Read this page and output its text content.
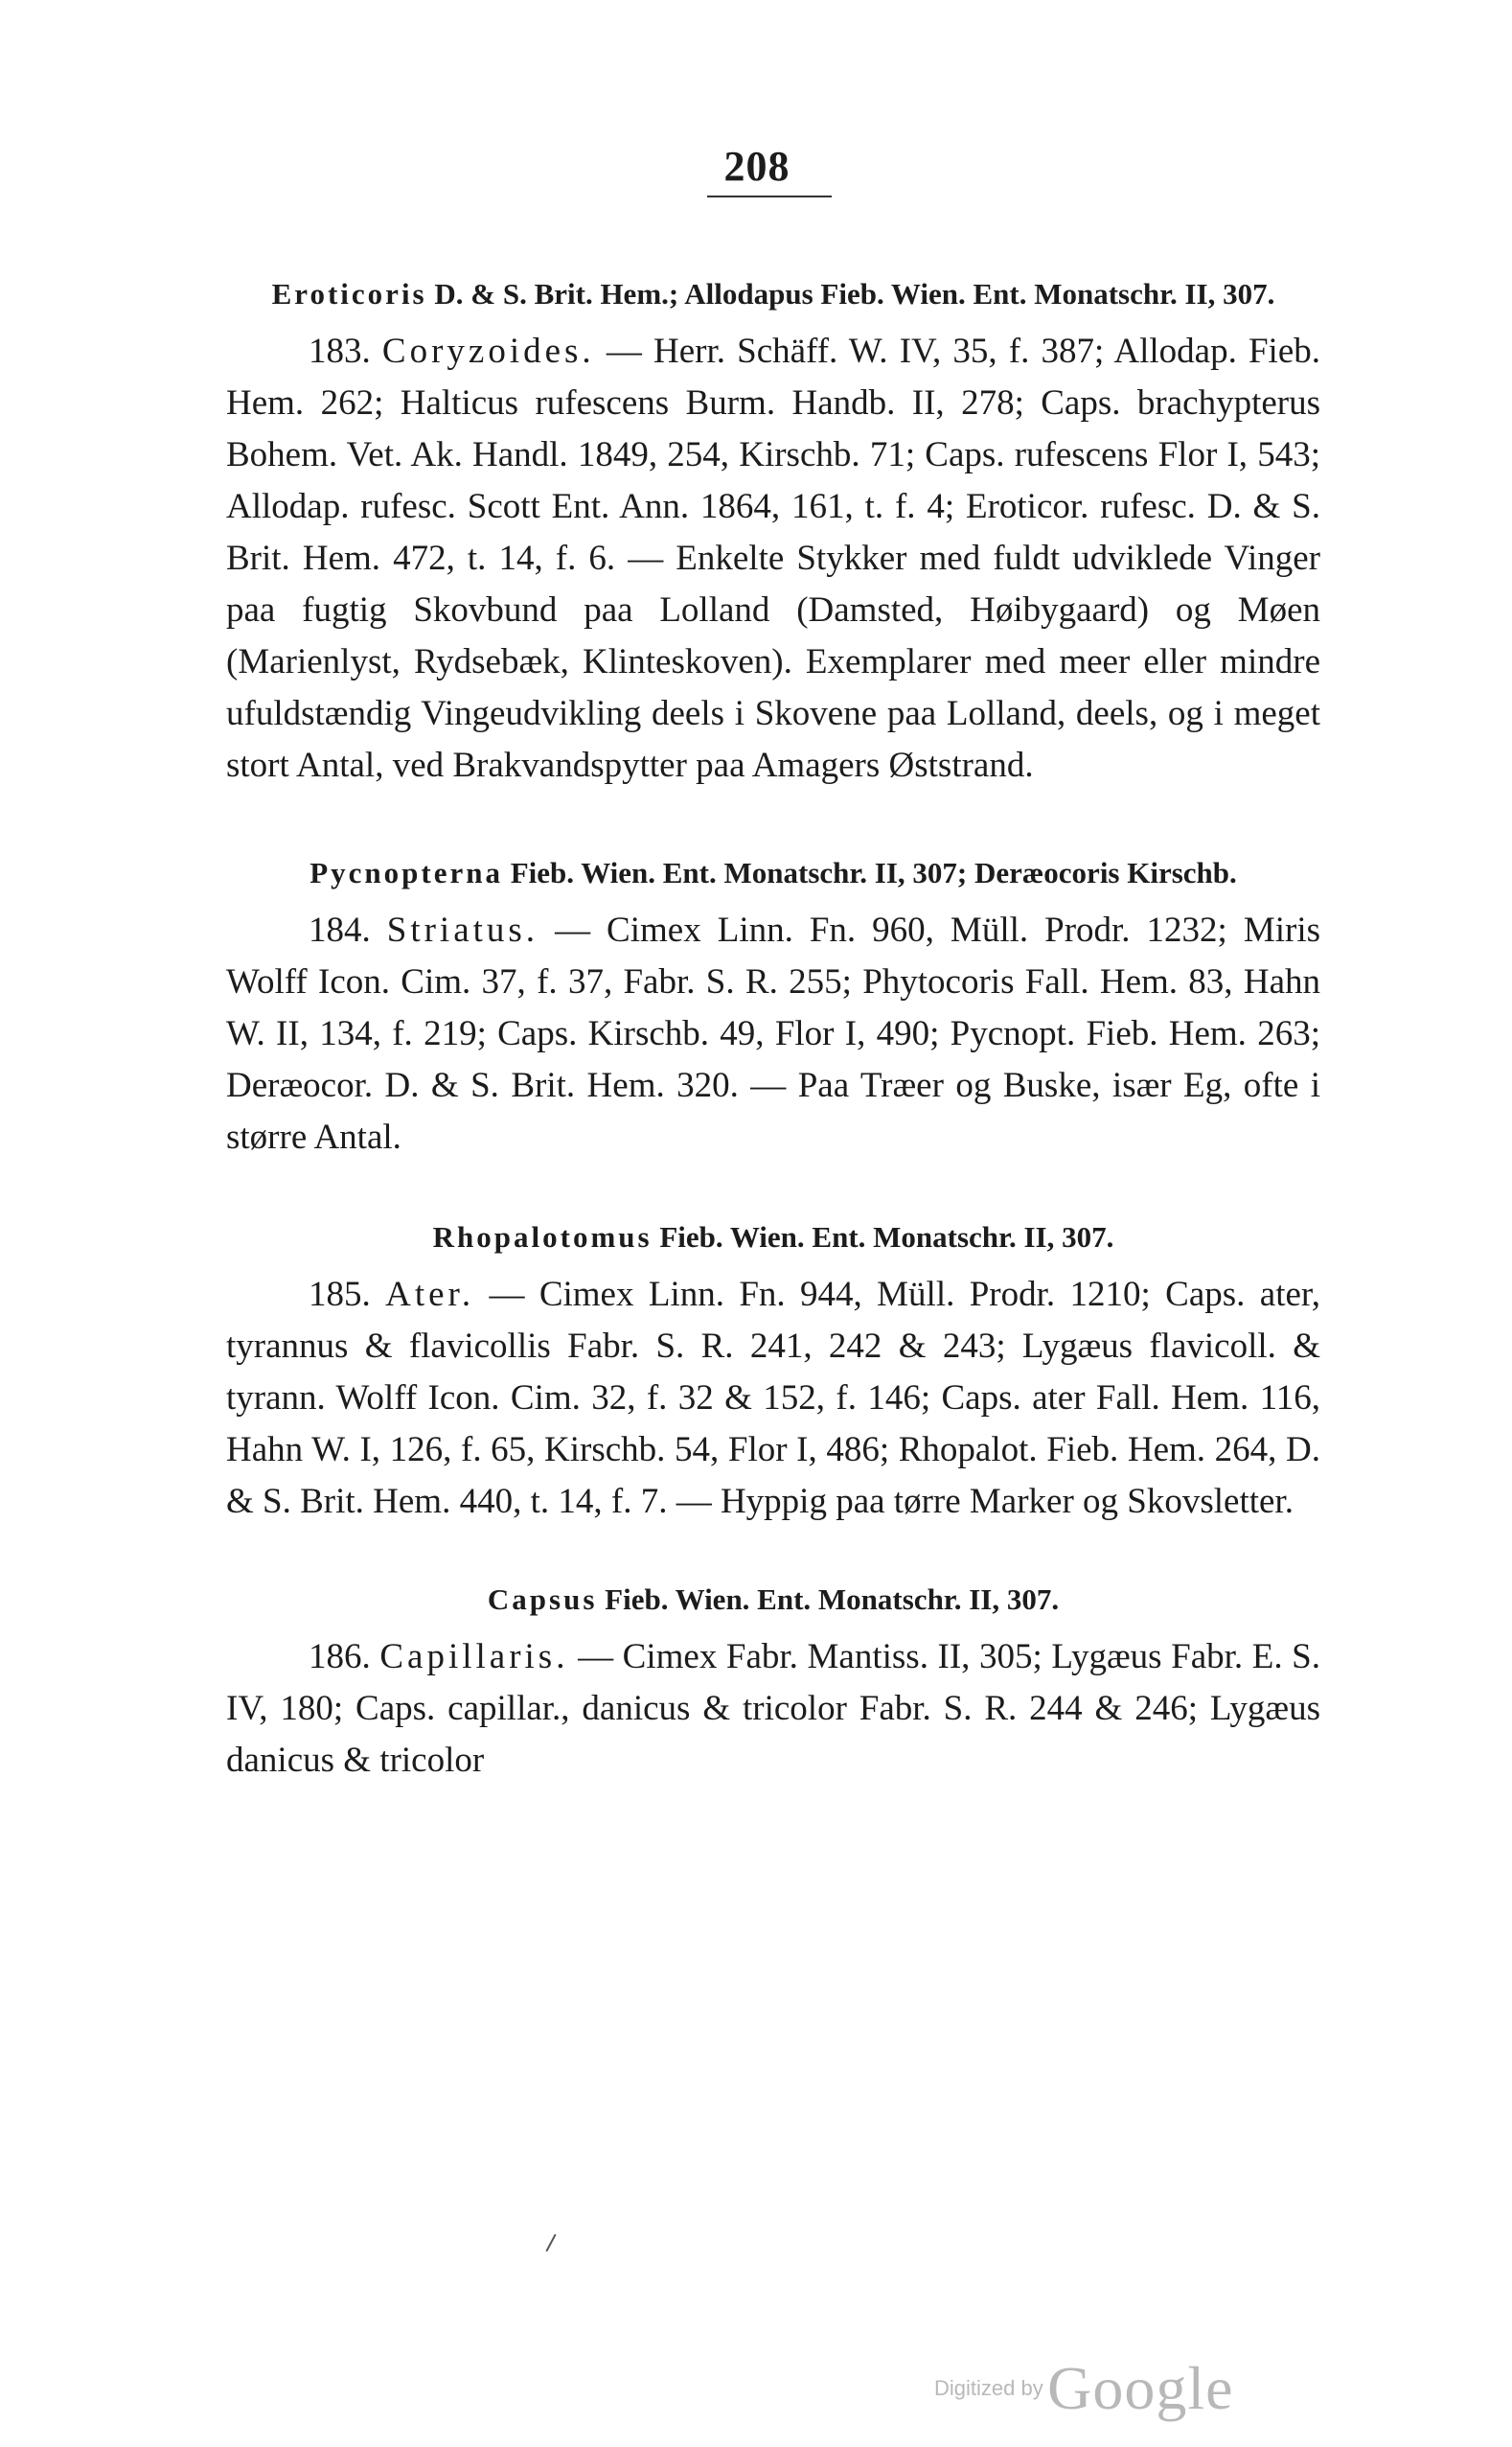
208

Eroticoris D. & S. Brit. Hem.; Allodapus Fieb. Wien. Ent. Monatschr. II, 307.

183. Coryzoides. — Herr. Schäff. W. IV, 35, f. 387; Allodap. Fieb. Hem. 262; Halticus rufescens Burm. Handb. II, 278; Caps. brachypterus Bohem. Vet. Ak. Handl. 1849, 254, Kirschb. 71; Caps. rufescens Flor I, 543; Allodap. rufesc. Scott Ent. Ann. 1864, 161, t. f. 4; Eroticor. rufesc. D. & S. Brit. Hem. 472, t. 14, f. 6. — Enkelte Stykker med fuldt udviklede Vinger paa fugtig Skovbund paa Lolland (Damsted, Høibygaard) og Møen (Marienlyst, Rydsebæk, Klinteskoven). Exemplarer med meer eller mindre ufuldstændig Vingeudvikling deels i Skovene paa Lolland, deels, og i meget stort Antal, ved Brakvandspytter paa Amagers Øststrand.

Pycnopterna Fieb. Wien. Ent. Monatschr. II, 307; Deræocoris Kirschb.

184. Striatus. — Cimex Linn. Fn. 960, Müll. Prodr. 1232; Miris Wolff Icon. Cim. 37, f. 37, Fabr. S. R. 255; Phytocoris Fall. Hem. 83, Hahn W. II, 134, f. 219; Caps. Kirschb. 49, Flor I, 490; Pycnopt. Fieb. Hem. 263; Deræocor. D. & S. Brit. Hem. 320. — Paa Træer og Buske, især Eg, ofte i større Antal.

Rhopalotomus Fieb. Wien. Ent. Monatschr. II, 307.

185. Ater. — Cimex Linn. Fn. 944, Müll. Prodr. 1210; Caps. ater, tyrannus & flavicollis Fabr. S. R. 241, 242 & 243; Lygæus flavicoll. & tyrann. Wolff Icon. Cim. 32, f. 32 & 152, f. 146; Caps. ater Fall. Hem. 116, Hahn W. I, 126, f. 65, Kirschb. 54, Flor I, 486; Rhopalot. Fieb. Hem. 264, D. & S. Brit. Hem. 440, t. 14, f. 7. — Hyppig paa tørre Marker og Skovsletter.

Capsus Fieb. Wien. Ent. Monatschr. II, 307.

186. Capillaris. — Cimex Fabr. Mantiss. II, 305; Lygæus Fabr. E. S. IV, 180; Caps. capillar., danicus & tricolor Fabr. S. R. 244 & 246; Lygæus danicus & tricolor

Digitized by Google
